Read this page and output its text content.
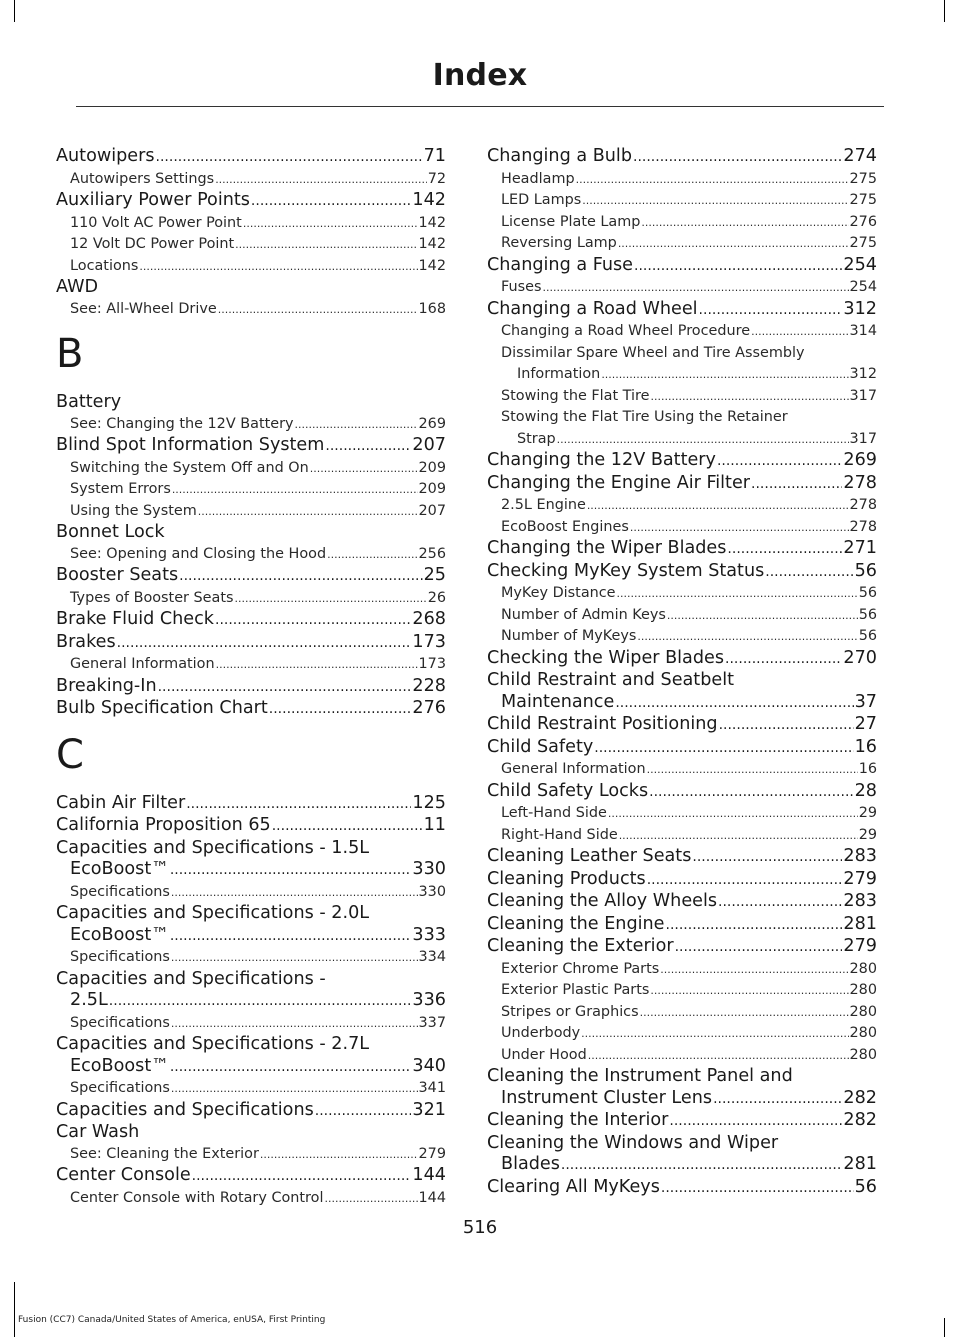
Index
Autowipers .....	71
Autowipers Settings .....	72
Auxiliary Power Points .....	142
110 Volt AC Power Point .....	142
12 Volt DC Power Point .....	142
Locations .....	142
AWD
See: All-Wheel Drive .....	168
B
Battery
See: Changing the 12V Battery .....	269
Blind Spot Information System .....	207
Switching the System Off and On .....	209
System Errors .....	209
Using the System .....	207
Bonnet Lock
See: Opening and Closing the Hood .....	256
Booster Seats .....	25
Types of Booster Seats .....	26
Brake Fluid Check .....	268
Brakes .....	173
General Information .....	173
Breaking-In .....	228
Bulb Specification Chart .....	276
C
Cabin Air Filter .....	125
California Proposition 65 .....	11
Capacities and Specifications - 1.5L
EcoBoost™ .....	330
Specifications .....	330
Capacities and Specifications - 2.0L
EcoBoost™ .....	333
Specifications .....	334
Capacities and Specifications -
2.5L .....	336
Specifications .....	337
Capacities and Specifications - 2.7L
EcoBoost™ .....	340
Specifications .....	341
Capacities and Specifications .....	321
Car Wash
See: Cleaning the Exterior .....	279
Center Console .....	144
Center Console with Rotary Control .....	144
Changing a Bulb .....	274
Headlamp .....	275
LED Lamps .....	275
License Plate Lamp .....	276
Reversing Lamp .....	275
Changing a Fuse .....	254
Fuses .....	254
Changing a Road Wheel .....	312
Changing a Road Wheel Procedure .....	314
Dissimilar Spare Wheel and Tire Assembly
Information .....	312
Stowing the Flat Tire .....	317
Stowing the Flat Tire Using the Retainer
Strap .....	317
Changing the 12V Battery .....	269
Changing the Engine Air Filter .....	278
2.5L Engine .....	278
EcoBoost Engines .....	278
Changing the Wiper Blades .....	271
Checking MyKey System Status .....	56
MyKey Distance .....	56
Number of Admin Keys .....	56
Number of MyKeys .....	56
Checking the Wiper Blades .....	270
Child Restraint and Seatbelt
Maintenance .....	37
Child Restraint Positioning .....	27
Child Safety .....	16
General Information .....	16
Child Safety Locks .....	28
Left-Hand Side .....	29
Right-Hand Side .....	29
Cleaning Leather Seats .....	283
Cleaning Products .....	279
Cleaning the Alloy Wheels .....	283
Cleaning the Engine .....	281
Cleaning the Exterior .....	279
Exterior Chrome Parts .....	280
Exterior Plastic Parts .....	280
Stripes or Graphics .....	280
Underbody .....	280
Under Hood .....	280
Cleaning the Instrument Panel and
Instrument Cluster Lens .....	282
Cleaning the Interior .....	282
Cleaning the Windows and Wiper
Blades .....	281
Clearing All MyKeys .....	56
516
Fusion (CC7) Canada/United States of America, enUSA, First Printing
